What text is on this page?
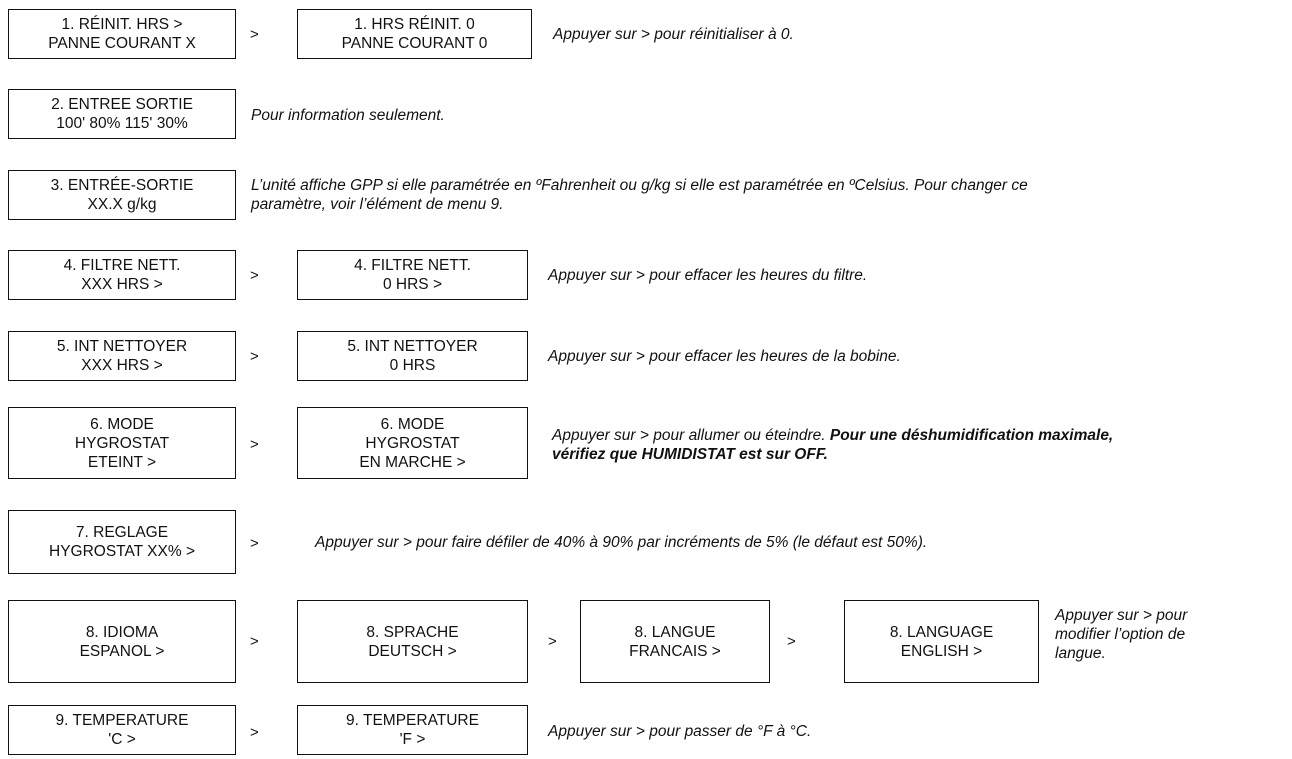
1. RÉINIT. HRS >
PANNE COURANT X
>
1. HRS RÉINIT. 0
PANNE COURANT 0
Appuyer sur > pour réinitialiser à 0.
2. ENTREE SORTIE
100' 80% 115' 30%	Pour information seulement.
3. ENTRÉE-SORTIE
XX.X g/kg
L’unité affiche GPP si elle paramétrée en ºFahrenheit ou g/kg si elle est paramétrée en ºCelsius. Pour changer ce
paramètre, voir l’élément de menu 9.
4. FILTRE NETT.
XXX HRS >
>
4. FILTRE NETT.
0 HRS >
Appuyer sur > pour effacer les heures du filtre.
5. INT NETTOYER
XXX HRS >
>
5. INT NETTOYER
0 HRS
Appuyer sur > pour effacer les heures de la bobine.
6. MODE
HYGROSTAT
ETEINT >
>
6. MODE
HYGROSTAT
EN MARCHE >
Appuyer sur > pour allumer ou éteindre. Pour une déshumidification maximale,
vérifiez que HUMIDISTAT est sur OFF.
7. REGLAGE
HYGROSTAT XX% >	>	Appuyer sur > pour faire défiler de 40% à 90% par incréments de 5% (le défaut est 50%).
8. IDIOMA
ESPANOL >
>
8. SPRACHE
DEUTSCH >
>
8. LANGUE
FRANCAIS >
>
8. LANGUAGE
ENGLISH >
Appuyer sur > pour
modifier l’option de
langue.
9. TEMPERATURE
'C >	>
9. TEMPERATURE
'F >	Appuyer sur > pour passer de °F à °C.
